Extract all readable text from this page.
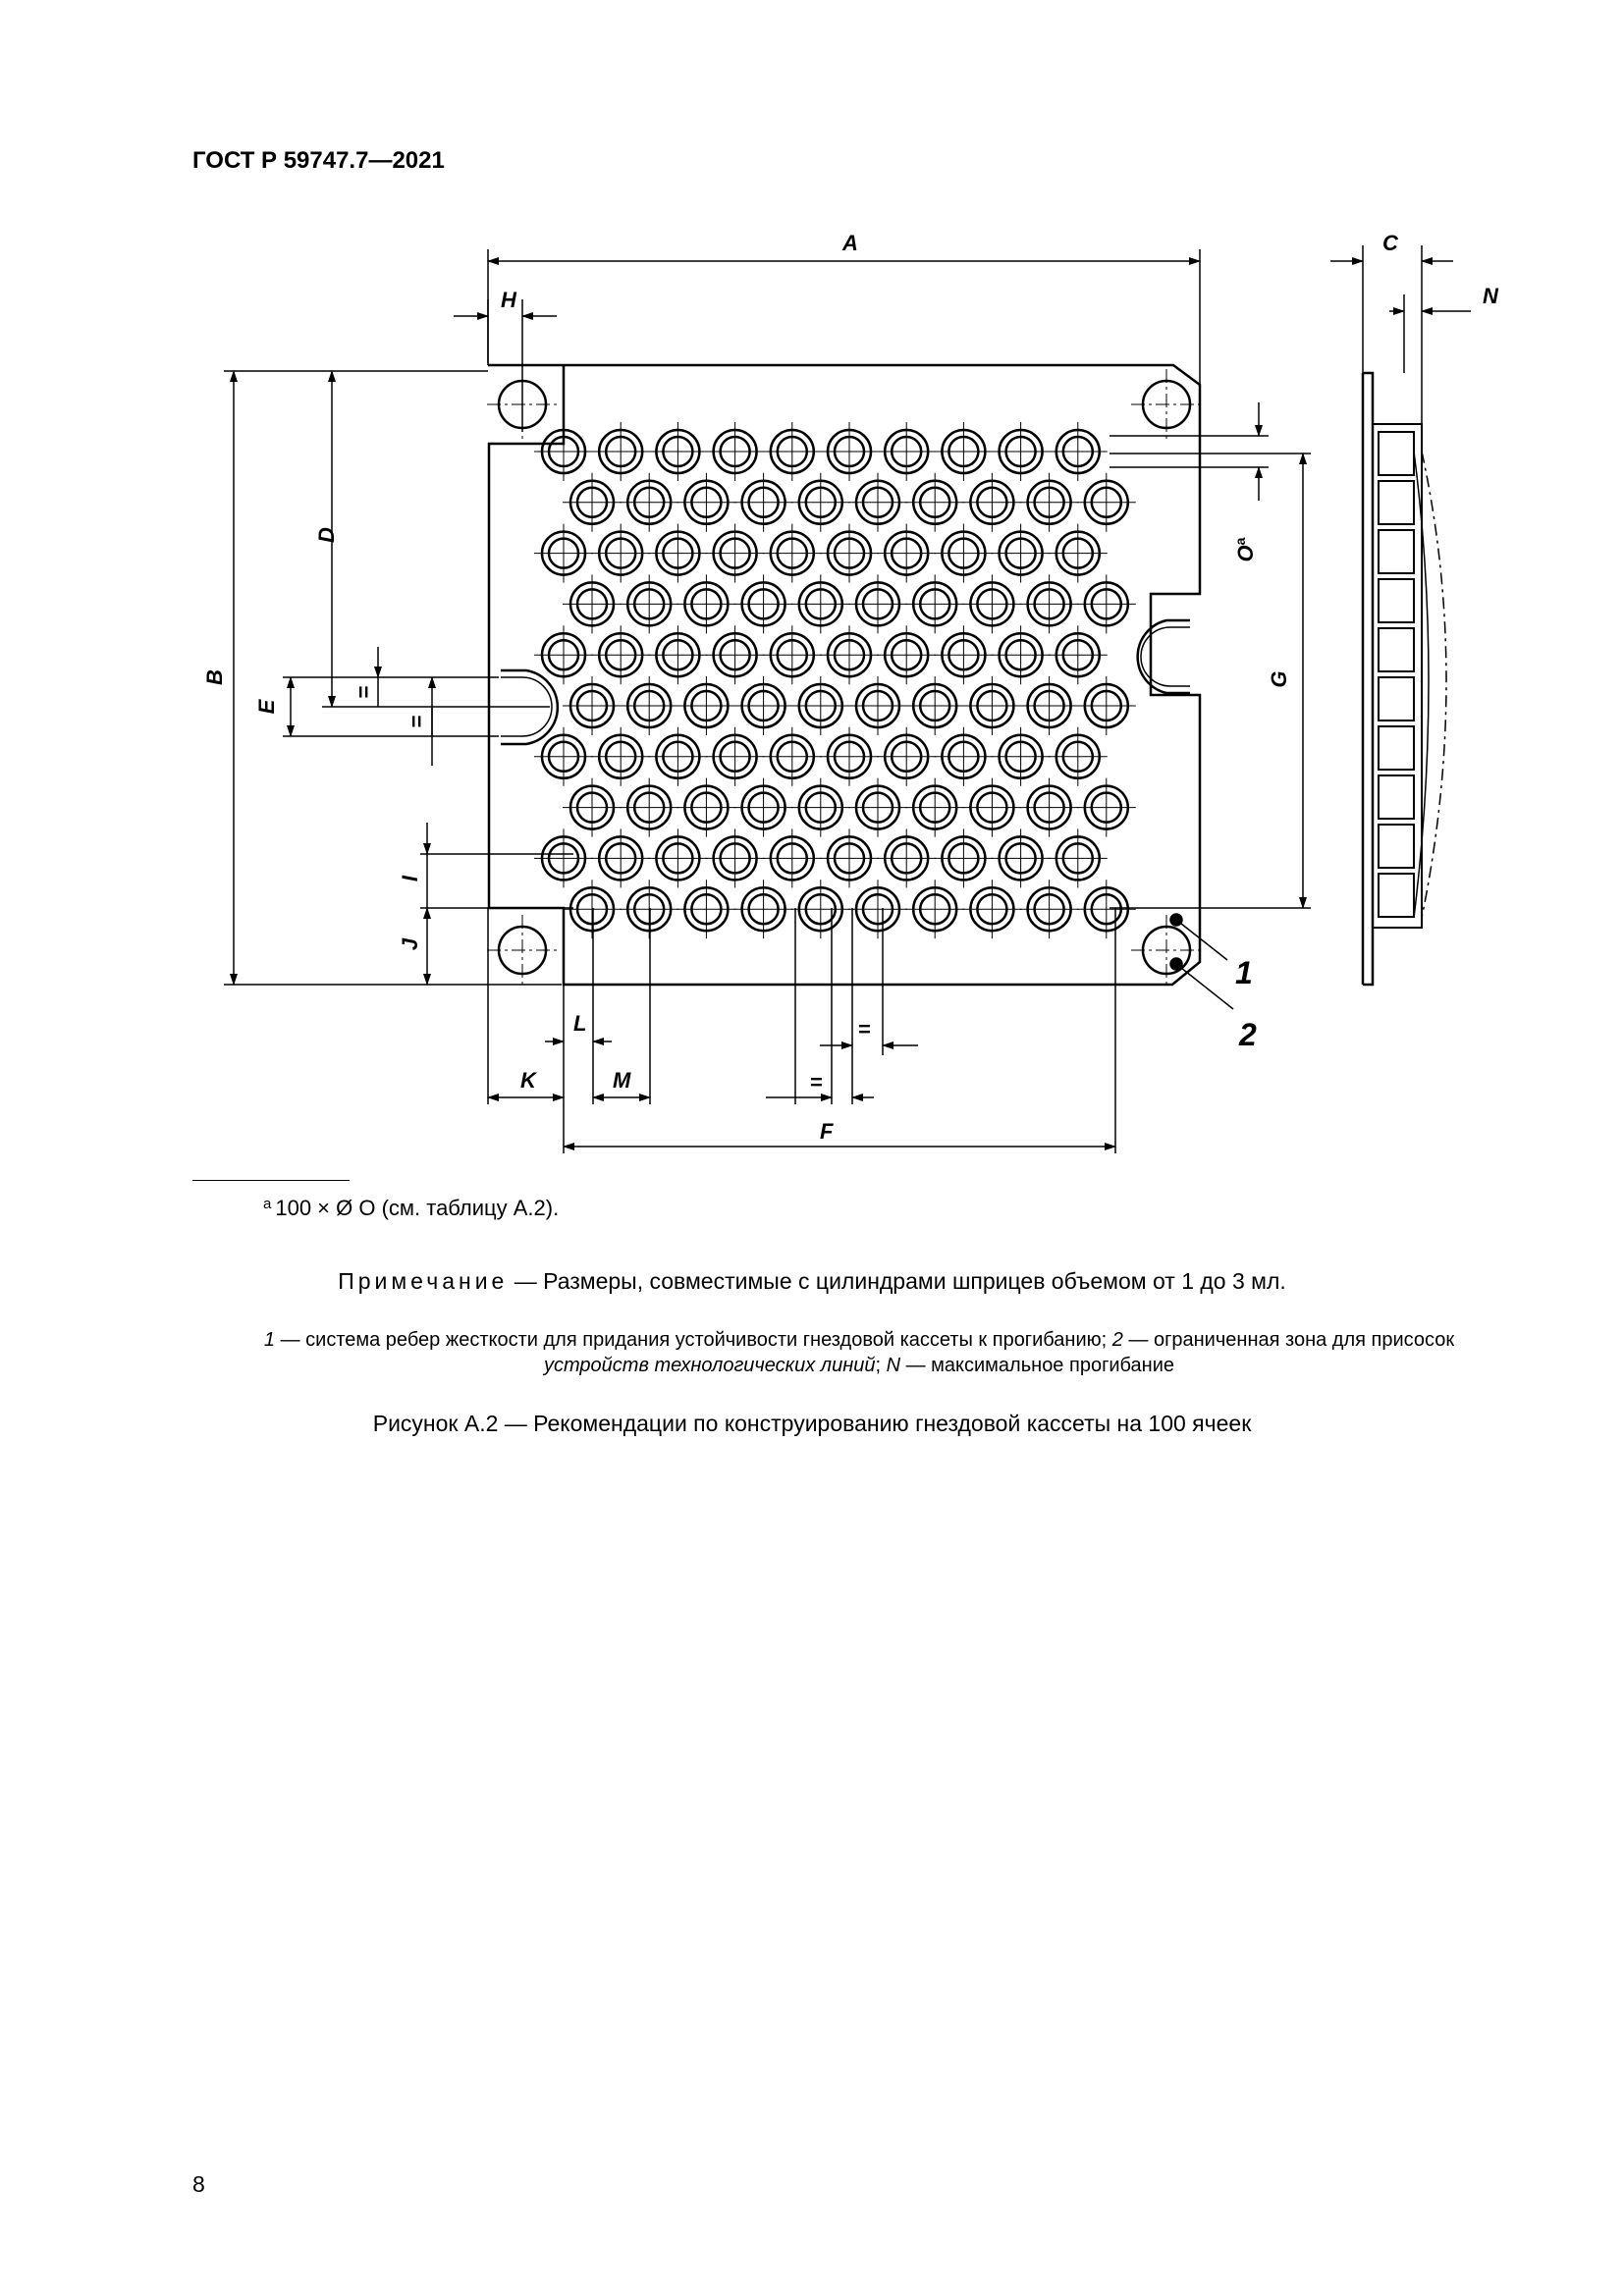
ГОСТ Р 59747.7—2021
A
H
B
D
E
=
=
I
J
C
N
$O^a$
G
K
L
M
F
=
=
1
2
$^a$ 100 × Ø O (см. таблицу А.2).
Примечание — Размеры, совместимые с цилиндрами шприцев объемом от 1 до 3 мл.
1 — система ребер жесткости для придания устойчивости гнездовой кассеты к прогибанию; 2 — ограниченная зона для присосок
устройств технологических линий; N — максимальное прогибание
Рисунок А.2 — Рекомендации по конструированию гнездовой кассеты на 100 ячеек
8
